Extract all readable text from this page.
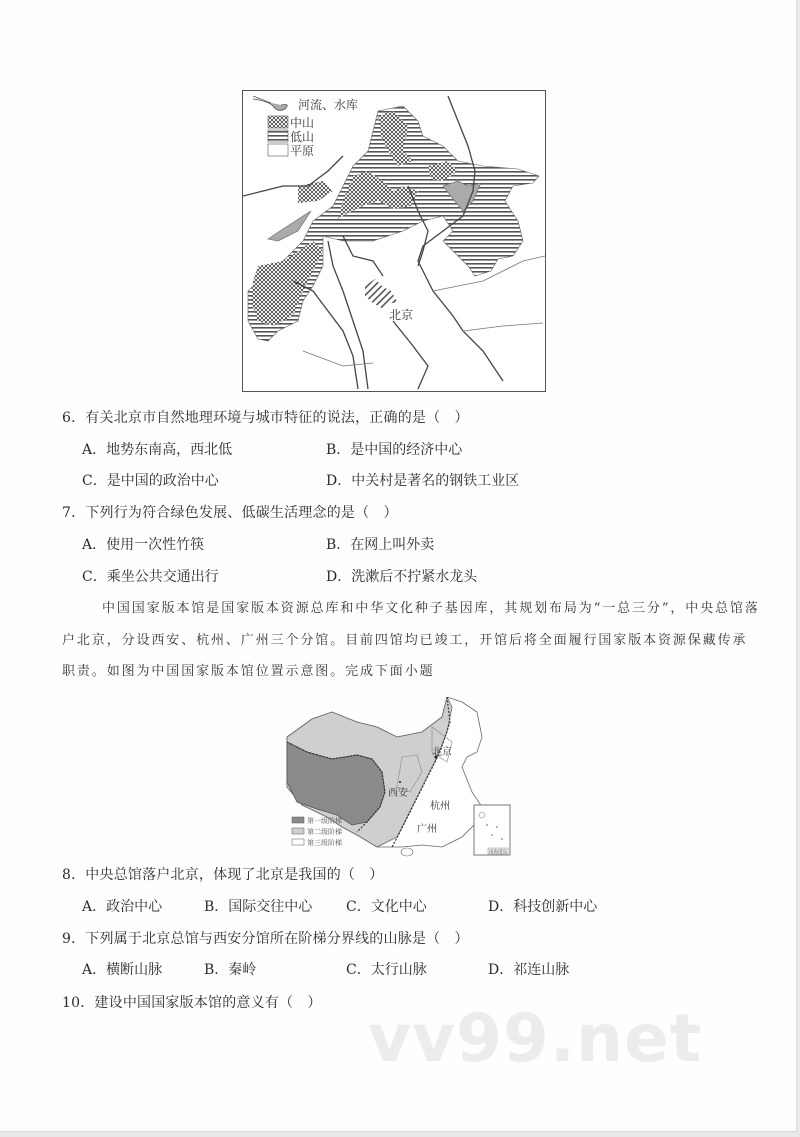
北京
河流、水库
中山
低山
平原
6．有关北京市自然地理环境与城市特征的说法，正确的是（　）
A．地势东南高，西北低	B．是中国的经济中心
C．是中国的政治中心	D．中关村是著名的钢铁工业区
7．下列行为符合绿色发展、低碳生活理念的是（　）
A．使用一次性竹筷	B．在网上叫外卖
C．乘坐公共交通出行	D．洗漱后不拧紧水龙头
中国国家版本馆是国家版本资源总库和中华文化种子基因库，其规划布局为“一总三分”，中央总馆落
户北京，分设西安、杭州、广州三个分馆。目前四馆均已竣工，开馆后将全面履行国家版本资源保藏传承
职责。如图为中国国家版本馆位置示意图。完成下面小题
北京
西安
杭州
广州
第一级阶梯
第二级阶梯
第三级阶梯
南海诸岛
8．中央总馆落户北京，体现了北京是我国的（　）
A．政治中心	B．国际交往中心 C．文化中心	D．科技创新中心
9．下列属于北京总馆与西安分馆所在阶梯分界线的山脉是（　）
A．横断山脉	B．秦岭	C．太行山脉	D．祁连山脉
10．建设中国国家版本馆的意义有（　） vv99.net
